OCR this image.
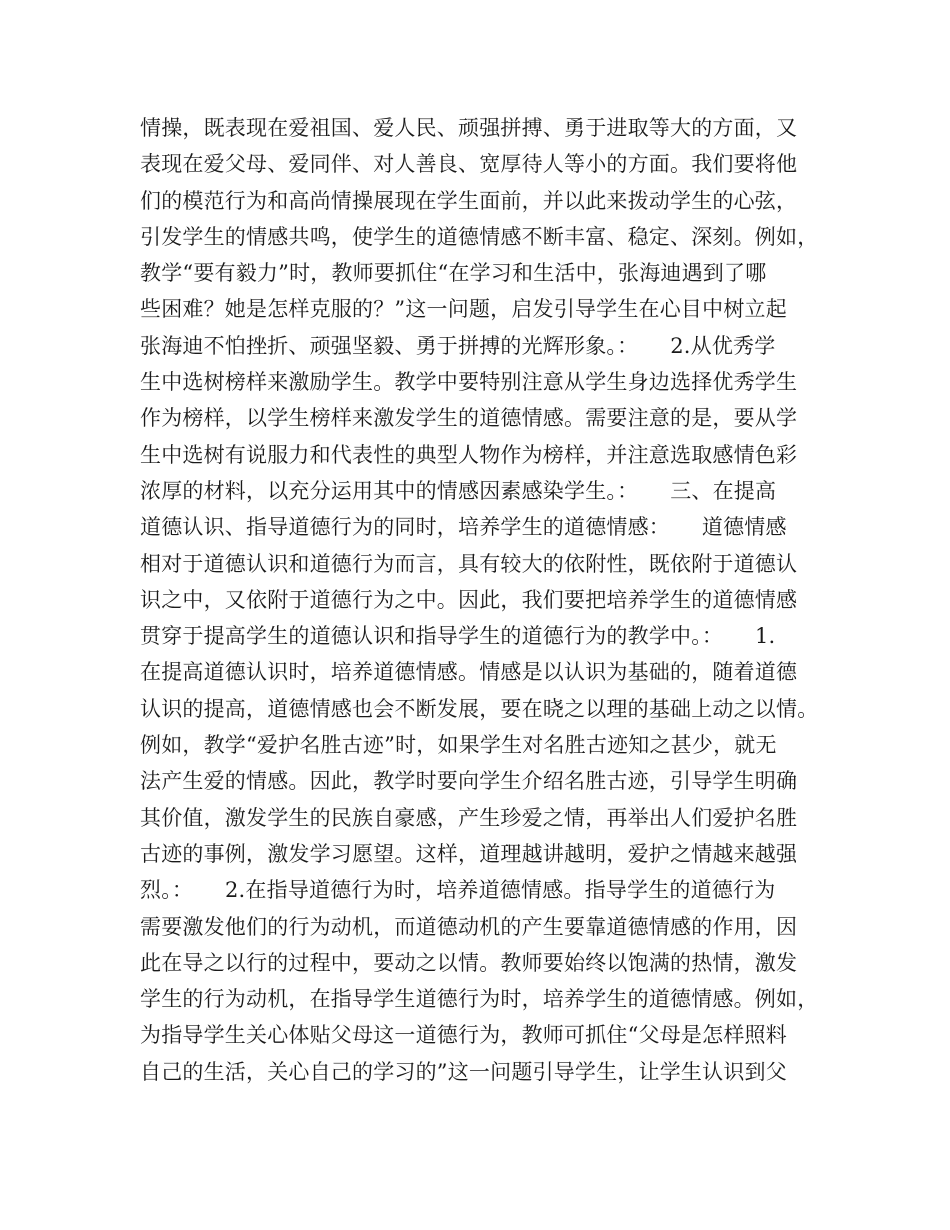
情操，既表现在爱祖国、爱人民、顽强拼搏、勇于进取等大的方面，又
表现在爱父母、爱同伴、对人善良、宽厚待人等小的方面。我们要将他
们的模范行为和高尚情操展现在学生面前，并以此来拨动学生的心弦，
引发学生的情感共鸣，使学生的道德情感不断丰富、稳定、深刻。例如，
教学“要有毅力”时，教师要抓住“在学习和生活中，张海迪遇到了哪
些困难？她是怎样克服的？”这一问题，启发引导学生在心目中树立起
张海迪不怕挫折、顽强坚毅、勇于拼搏的光辉形象。：　　2.从优秀学
生中选树榜样来激励学生。教学中要特别注意从学生身边选择优秀学生
作为榜样，以学生榜样来激发学生的道德情感。需要注意的是，要从学
生中选树有说服力和代表性的典型人物作为榜样，并注意选取感情色彩
浓厚的材料，以充分运用其中的情感因素感染学生。：　　三、在提高
道德认识、指导道德行为的同时，培养学生的道德情感：　　道德情感
相对于道德认识和道德行为而言，具有较大的依附性，既依附于道德认
识之中，又依附于道德行为之中。因此，我们要把培养学生的道德情感
贯穿于提高学生的道德认识和指导学生的道德行为的教学中。：　　1.
在提高道德认识时，培养道德情感。情感是以认识为基础的，随着道德
认识的提高，道德情感也会不断发展，要在晓之以理的基础上动之以情。
例如，教学“爱护名胜古迹”时，如果学生对名胜古迹知之甚少，就无
法产生爱的情感。因此，教学时要向学生介绍名胜古迹，引导学生明确
其价值，激发学生的民族自豪感，产生珍爱之情，再举出人们爱护名胜
古迹的事例，激发学习愿望。这样，道理越讲越明，爱护之情越来越强
烈。：　　2.在指导道德行为时，培养道德情感。指导学生的道德行为
需要激发他们的行为动机，而道德动机的产生要靠道德情感的作用，因
此在导之以行的过程中，要动之以情。教师要始终以饱满的热情，激发
学生的行为动机，在指导学生道德行为时，培养学生的道德情感。例如，
为指导学生关心体贴父母这一道德行为，教师可抓住“父母是怎样照料
自己的生活，关心自己的学习的”这一问题引导学生，让学生认识到父
